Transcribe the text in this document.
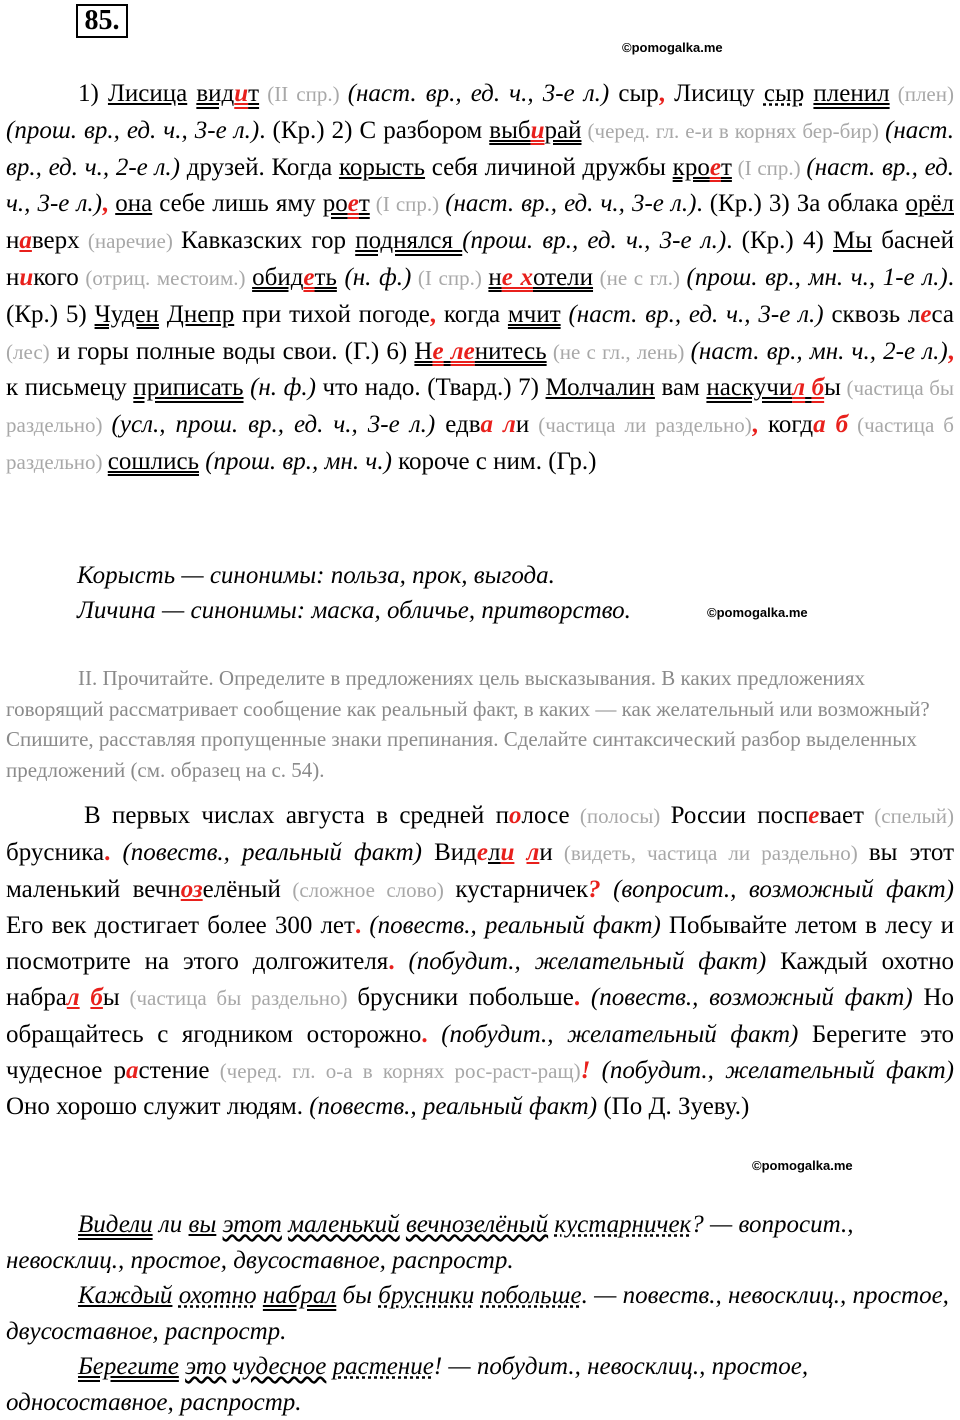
85.
©pomogalka.me

1) Лисица видит (II спр.) (наст. вр., ед. ч., 3-е л.) сыр, Лисицу сыр пленил (плен) (прош. вр., ед. ч., 3-е л.). (Кр.) 2) С разбором выбирай (черед. гл. е-и в корнях бер-бир) (наст. вр., ед. ч., 2-е л.) друзей. Когда корысть себя личиной дружбы кроет (I спр.) (наст. вр., ед. ч., 3-е л.), она себе лишь яму роет (I спр.) (наст. вр., ед. ч., 3-е л.). (Кр.) 3) За облака орёл наверх (наречие) Кавказских гор поднялся (прош. вр., ед. ч., 3-е л.). (Кр.) 4) Мы басней никого (отриц. местоим.) обидеть (н. ф.) (I спр.) не хотели (не с гл.) (прош. вр., мн. ч., 1-е л.). (Кр.) 5) Чуден Днепр при тихой погоде, когда мчит (наст. вр., ед. ч., 3-е л.) сквозь леса (лес) и горы полные воды свои. (Г.) 6) Не ленитесь (не с гл., лень) (наст. вр., мн. ч., 2-е л.), к письмецу приписать (н. ф.) что надо. (Твард.) 7) Молчалин вам наскучил бы (частица бы раздельно) (усл., прош. вр., ед. ч., 3-е л.) едва ли (частица ли раздельно), когда б (частица б раздельно) сошлись (прош. вр., мн. ч.) короче с ним. (Гр.)

Корысть — синонимы: польза, прок, выгода.

Личина — синонимы: маска, обличье, притворство.	©pomogalka.me

II. Прочитайте. Определите в предложениях цель высказывания. В каких предложениях говорящий рассматривает сообщение как реальный факт, в каких — как желательный или возможный? Спишите, расставляя пропущенные знаки препинания. Сделайте синтаксический разбор выделенных предложений (см. образец на с. 54).

В первых числах августа в средней полосе (полосы) России поспевает (спелый) брусника. (повеств., реальный факт) Видели ли (видеть, частица ли раздельно) вы этот маленький вечнозелёный (сложное слово) кустарничек? (вопросит., возможный факт) Его век достигает более 300 лет. (повеств., реальный факт) Побывайте летом в лесу и посмотрите на этого долгожителя. (побудит., желательный факт) Каждый охотно набрал бы (частица бы раздельно) брусники побольше. (повеств., возможный факт) Но обращайтесь с ягодником осторожно. (побудит., желательный факт) Берегите это чудесное растение (черед. гл. о-а в корнях рос-раст-ращ)! (побудит., желательный факт) Оно хорошо служит людям. (повеств., реальный факт) (По Д. Зуеву.)

©pomogalka.me

Видели ли вы этот маленький вечнозелёный кустарничек? — вопросит., невосклиц., простое, двусоставное, распростр.

Каждый охотно набрал бы брусники побольше. — повеств., невосклиц., простое, двусоставное, распростр.

Берегите это чудесное растение! — побудит., невосклиц., простое, односоставное, распростр.
